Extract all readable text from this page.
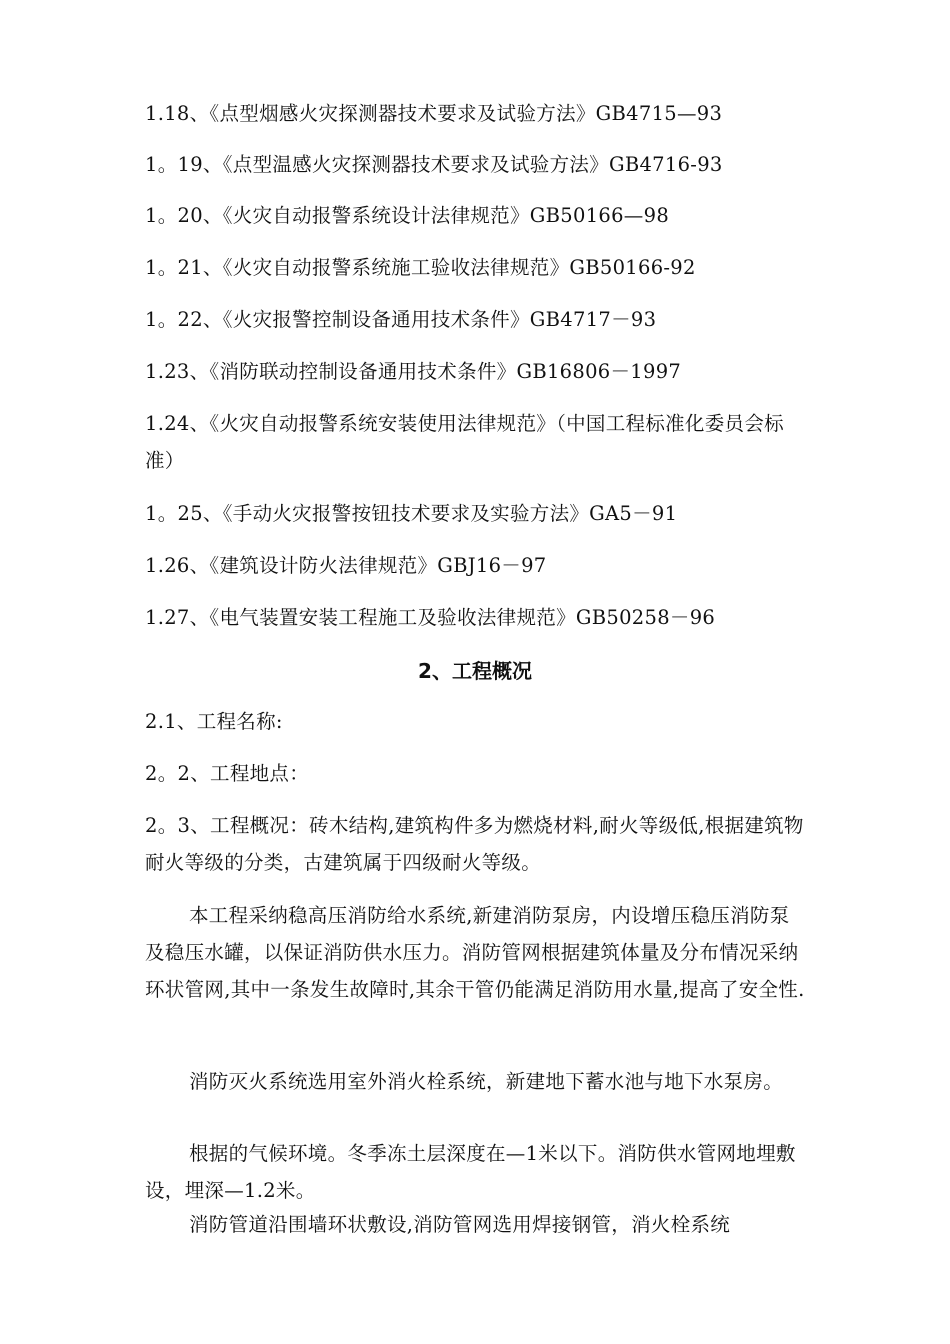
1.18、《点型烟感火灾探测器技术要求及试验方法》GB4715—93
1。19、《点型温感火灾探测器技术要求及试验方法》GB4716-93
1。20、《火灾自动报警系统设计法律规范》GB50166—98
1。21、《火灾自动报警系统施工验收法律规范》GB50166-92
1。22、《火灾报警控制设备通用技术条件》GB4717－93
1.23、《消防联动控制设备通用技术条件》GB16806－1997
1.24、《火灾自动报警系统安装使用法律规范》（中国工程标准化委员会标准）
1。25、《手动火灾报警按钮技术要求及实验方法》GA5－91
1.26、《建筑设计防火法律规范》GBJ16－97
1.27、《电气装置安装工程施工及验收法律规范》GB50258－96
2、工程概况
2.1、工程名称:
2。2、工程地点：
2。3、工程概况：砖木结构,建筑构件多为燃烧材料,耐火等级低,根据建筑物耐火等级的分类，古建筑属于四级耐火等级。
本工程采纳稳高压消防给水系统,新建消防泵房，内设增压稳压消防泵及稳压水罐，以保证消防供水压力。消防管网根据建筑体量及分布情况采纳环状管网,其中一条发生故障时,其余干管仍能满足消防用水量,提高了安全性.
消防灭火系统选用室外消火栓系统，新建地下蓄水池与地下水泵房。
根据的气候环境。冬季冻土层深度在—1米以下。消防供水管网地埋敷设，埋深—1.2米。
消防管道沿围墙环状敷设,消防管网选用焊接钢管，消火栓系统
